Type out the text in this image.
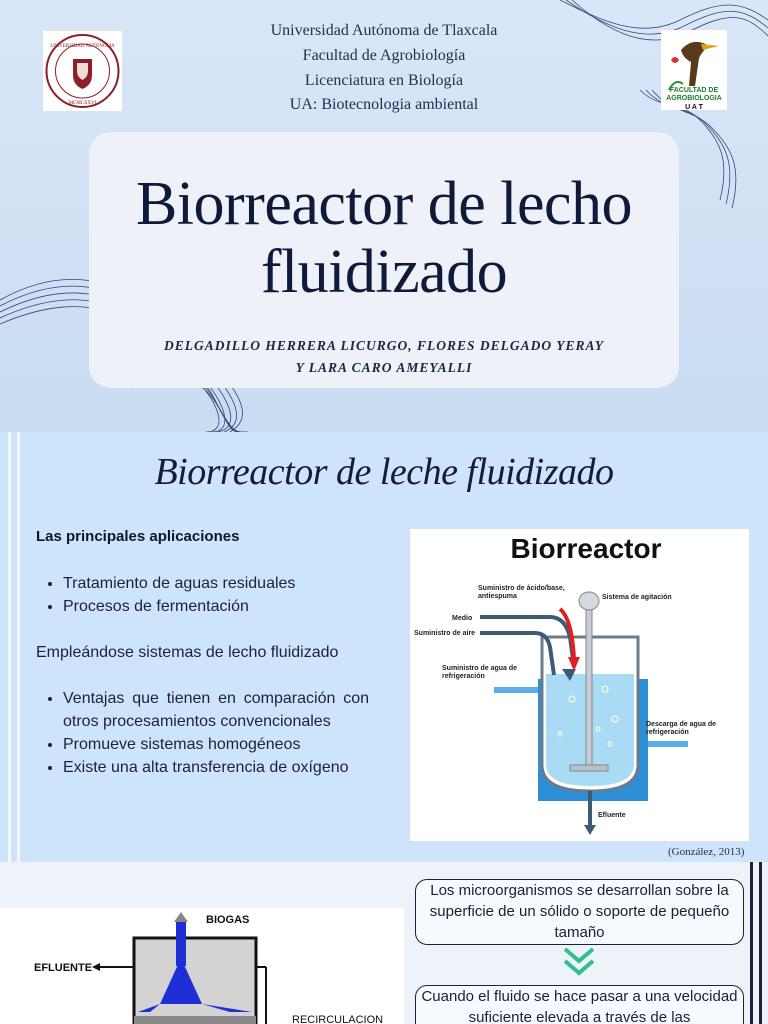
UNIVERSIDAD AUTÓNOMA
MCMLXXVI
FACULTAD DE
AGROBIOLOGIA
U A T
Universidad Autónoma de Tlaxcala
Facultad de Agrobiología
Licenciatura en Biología
UA: Biotecnologia ambiental
Biorreactor de lecho
fluidizado
DELGADILLO HERRERA LICURGO, FLORES DELGADO YERAY
Y LARA CARO AMEYALLI
Biorreactor de leche fluidizado
Las principales aplicaciones
• Tratamiento de aguas residuales
• Procesos de fermentación

Empleándose sistemas de lecho fluidizado

• Ventajas que tienen en comparación con otros procesamientos convencionales
• Promueve sistemas homogéneos
• Existe una alta transferencia de oxígeno
Biorreactor
Suministro de ácido/base, antiespuma	Sistema de agitación
Medio
Suministro de aire
Suministro de agua de refrigeración
Descarga de agua de refrigeración
Efluente
(González, 2013)
BIOGAS
EFLUENTE
RECIRCULACION
Los microorganismos se desarrollan sobre la superficie de un sólido o soporte de pequeño tamaño
Cuando el fluido se hace pasar a una velocidad suficiente elevada a través de las
